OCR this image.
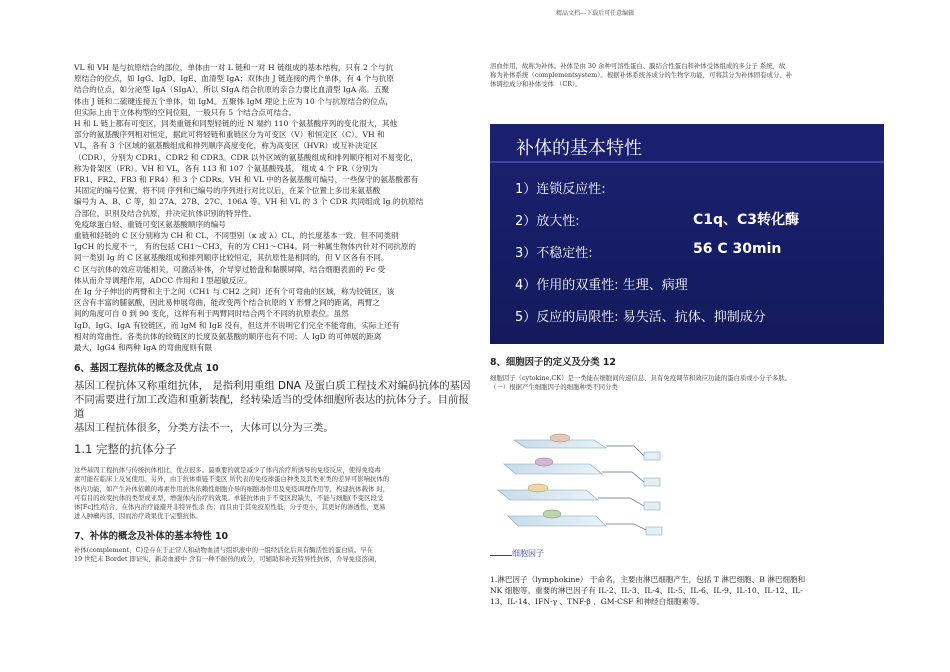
精品文档---下载后可任意编辑

VL 和 VH 是与抗原结合的部位，单体由一对 L 链和一对 H 链组成的基本结构，只有 2 个与抗

原结合的位点，如 IgG、IgD、IgE、血清型 IgA；双体由 J 链连接的两个单体，有 4 个与抗原

结合的位点，如分泌型 IgA（SIgA），所以 SIgA 结合抗原的亲合力要比血清型 IgA 高。五聚

体由 J 链和二硫键连接五个单体，如 IgM。五聚体 IgM 理论上应为 10 个与抗原结合的位点，

但实际上由于立体构型的空间位阻，一般只有 5 个结合点可结合。

H 和 L 链上都有可变区，同类重链和同型轻链的近 N 端约 110 个氨基酸序列的变化很大，其他

部分的氨基酸序列相对恒定，据此可将轻链和重链区分为可变区（V）和恒定区（C）。VH 和

VL，各有 3 个区域的氨基酸组成和排列顺序高度变化，称为高变区（HVR）或互补决定区

（CDR），分别为 CDR1、CDR2 和 CDR3。CDR 以外区域的氨基酸组成和排列顺序相对不易变化，

称为骨架区（FR）。VH 和 VL，各有 113 和 107 个氨基酸残基， 组成 4 个 FR（分别为

FR1、FR2、FR3 和 FR4）和 3 个 CDRs。VH 和 VL 中的各氨基酸可编号，一些保守的氨基酸都有

其固定的编号位置，将不同 序列和已编号的序列进行对比以后，在某个位置上多出来氨基酸

编号为 A、B、C 等，如 27A、27B、27C、106A 等。VH 和 VL 的 3 个 CDR 共同组成 Ig 的抗原结

合部位，识别及结合抗原，并决定抗体识别的特异性。

免疫球蛋白轻、重链可变区氨基酸顺序的编号

重链和轻链的 C 区分别称为 CH 和 CL，不同型别（κ 或 λ）CL，的长度基本一致．但不同类别

IgCH 的长度不一， 有的包括 CH1～CH3，有的为 CH1～CH4。同一种属生物体内针对不同抗原的

同一类别 Ig 的 C 区氨基酸组成和排列顺序比较恒定，其抗原性是相同的，但 V 区各有不同。

C 区与抗体的效应功能相关，可激活补体，介导穿过胎盘和黏膜屏障，结合细胞表面的 Fc 受

体从而介导调理作用，ADCC 作用和 I 型超敏反应。

在 Ig 分子伸出的两臂和主干之间（CH1 与 CH2 之间）还有个可弯曲的区域，称为铰链区，该

区含有丰富的脯氨酸，因此易伸展弯曲，能改变两个结合抗原的 Y 形臂之间的距离，两臂之

间的角度可自 0 到 90 变化，这样有利于两臂同时结合两个不同的抗原表位。虽然

IgD、IgG、IgA 有铰链区，而 IgM 和 IgE 没有，但这并不说明它们完全不能弯曲，实际上还有

相对的弯曲性。各类抗体的铰链区的长度及氨基酸的顺序也有不同；人 IgD 的可伸展的距离

最大，IgG4 和两种 IgA 的弯曲度则有限

6、基因工程抗体的概念及优点 10

基因工程抗体又称重组抗体， 是指利用重组 DNA 及蛋白质工程技术对编码抗体的基因

不同需要进行加工改造和重新装配，经转染适当的受体细胞所表达的抗体分子。目前报道

基因工程抗体很多，分类方法不一，大体可以分为三类。

1.1 完整的抗体分子

这些基因工程抗体与传统抗体相比，优点很多。最重要的就是减少了体内治疗所诱导的免疫反应，使得免疫毒

素可能在临床上反复使用。另外，由于抗体重链不变区 所代表的免疫球蛋白种类及其类亚类的差异可影响抗体的

体内功能，如产生补体依赖的毒素作用抗体依赖性细胞介导的细胞毒作用及免疫调理作用等，构建抗体载体 时，

可有目的改变抗体的类型或亚型，增强体内治疗的效果。单链抗体由于不变区段缺失，不能与细胞(不变区段受

体[Fc]性)结合，在体内治疗能避开非特异性杀 伤；而且由于其免疫原性低，分子更小，其更好的渗透性，更易

进入肿瘤内部，因而治疗效果优于完整抗体。

7、补体的概念及补体的基本特性 10

补体(complement，C)是存在于正常人和动物血清与组织液中的一组经活化后具有酶活性的蛋白质。早在

19 世纪末 Bordet 即证实，新奇血液中 含有一种不耐热的成分，可辅助和补充特异性抗体，介导免疫溶菌、

溶血作用，故称为补体。补体是由 30 余种可溶性蛋白、膜结合性蛋白和补体受体组成的多分子 系统，故

称为补体系统（complementsystem）。根据补体系统各成分的生物学功能，可将其分为补体固有成分、补

体调控成分和补体受体 （CR）。

补体的基本特性
1）连锁反应性:
2）放大性:	C1q、C3转化酶
3）不稳定性:	56 C 30min
4）作用的双重性: 生理、病理
5）反应的局限性: 易失活、抗体、抑制成分

8、细胞因子的定义及分类 12

细胞因子（cytokine,CK）是一类能在细胞间传递信息、具有免疫调节和效应功能的蛋白质或小分子多肽。

（一）根据产生细胞因子的细胞种类不同分类

细胞因子

1.淋巴因子（lymphokine） 于命名，主要由淋巴细胞产生，包括 T 淋巴细胞、B 淋巴细胞和

NK 细胞等。重要的淋巴因子有 IL-2、IL-3、IL-4、IL-5、IL-6、IL-9、IL-10、IL-12、IL-

13、IL-14、IFN-γ 、TNF-β 、GM-CSF 和神经白细胞素等。
